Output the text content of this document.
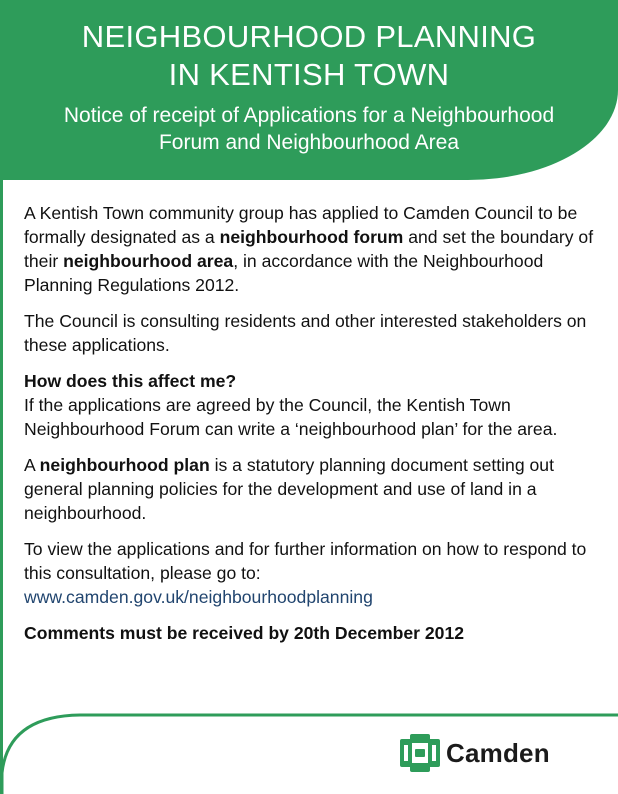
NEIGHBOURHOOD PLANNING
IN KENTISH TOWN
Notice of receipt of Applications for a Neighbourhood
Forum and Neighbourhood Area

A Kentish Town community group has applied to Camden Council to be formally designated as a neighbourhood forum and set the boundary of their neighbourhood area, in accordance with the Neighbourhood Planning Regulations 2012.

The Council is consulting residents and other interested stakeholders on these applications.

How does this affect me?
If the applications are agreed by the Council, the Kentish Town Neighbourhood Forum can write a ‘neighbourhood plan’ for the area.

A neighbourhood plan is a statutory planning document setting out general planning policies for the development and use of land in a neighbourhood.

To view the applications and for further information on how to respond to this consultation, please go to:
www.camden.gov.uk/neighbourhoodplanning

Comments must be received by 20th December 2012

Camden
